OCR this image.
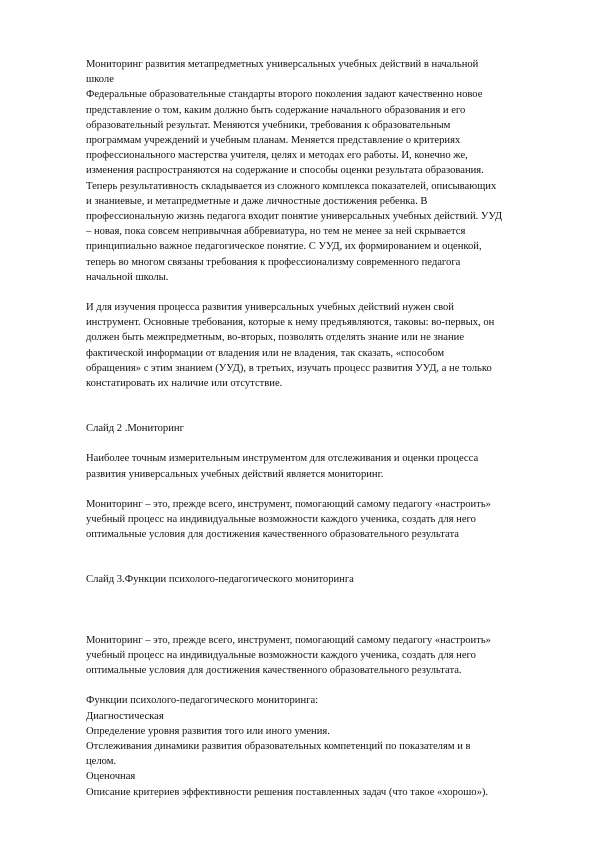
Мониторинг развития метапредметных универсальных учебных действий в начальной
школе
Федеральные образовательные стандарты второго поколения задают качественно новое
представление о том, каким должно быть содержание начального образования и его
образовательный результат. Меняются учебники, требования к образовательным
программам учреждений и учебным планам. Меняется представление о критериях
профессионального мастерства учителя, целях и методах его работы. И, конечно же,
изменения распространяются на содержание и способы оценки результата образования.
Теперь результативность складывается из сложного комплекса показателей, описывающих
и знаниевые, и метапредметные и даже личностные достижения ребенка. В
профессиональную жизнь педагога входит понятие универсальных учебных действий. УУД
– новая, пока совсем непривычная аббревиатура, но тем не менее за ней скрывается
принципиально важное педагогическое понятие. С УУД, их формированием и оценкой,
теперь во многом связаны требования к профессионализму современного педагога
начальной школы.
И для изучения процесса развития универсальных учебных действий нужен свой
инструмент. Основные требования, которые к нему предъявляются, таковы: во-первых, он
должен быть межпредметным, во-вторых, позволять отделять знание или не знание
фактической информации от владения или не владения, так сказать, «способом
обращения» с этим знанием (УУД), в третьих, изучать процесс развития УУД, а не только
констатировать их наличие или отсутствие.
Слайд 2 .Мониторинг
Наиболее точным измерительным инструментом для отслеживания и оценки процесса
развития универсальных учебных действий является мониторинг.
Мониторинг – это, прежде всего, инструмент, помогающий самому педагогу «настроить»
учебный процесс на индивидуальные возможности каждого ученика, создать для него
оптимальные условия для достижения качественного образовательного результата
Слайд 3.Функции психолого-педагогического мониторинга
Мониторинг – это, прежде всего, инструмент, помогающий самому педагогу «настроить»
учебный процесс на индивидуальные возможности каждого ученика, создать для него
оптимальные условия для достижения качественного образовательного результата.
Функции психолого-педагогического мониторинга:
Диагностическая
Определение уровня развития того или иного умения.
Отслеживания динамики развития образовательных компетенций по показателям и в
целом.
Оценочная
Описание критериев эффективности решения поставленных задач (что такое «хорошо»).
